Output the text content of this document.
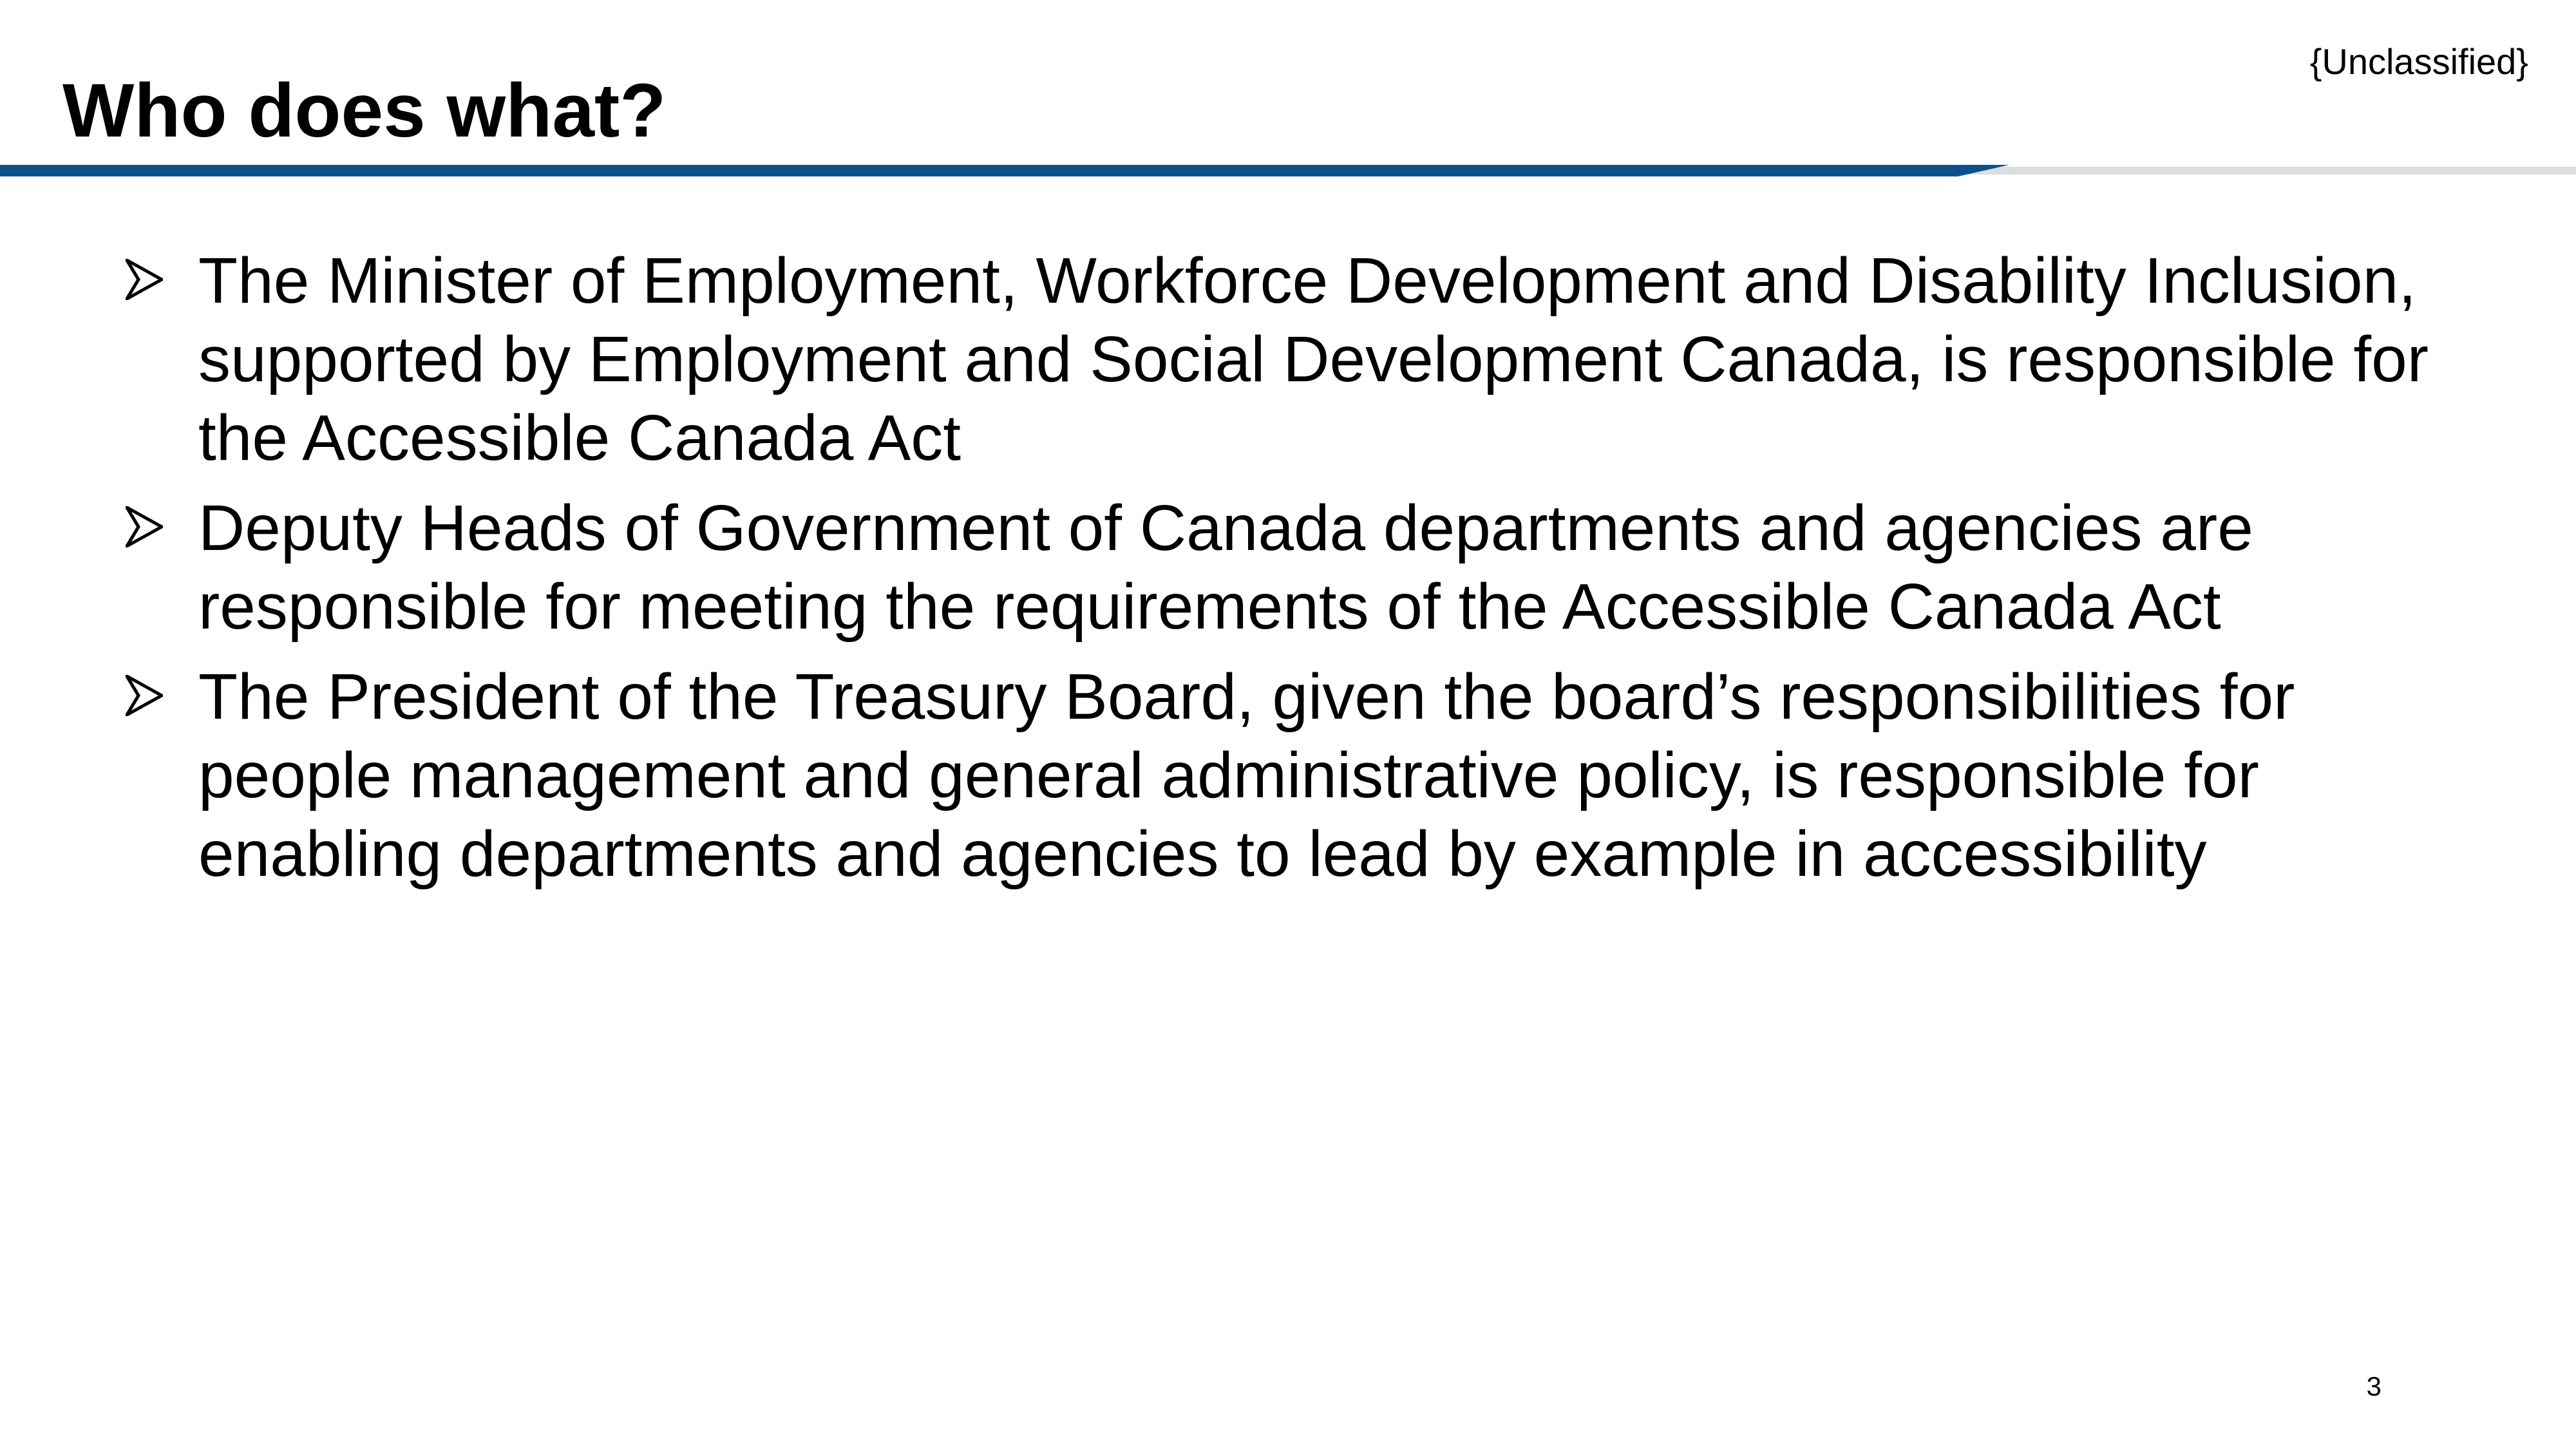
{Unclassified}
Who does what?
The Minister of Employment, Workforce Development and Disability Inclusion, supported by Employment and Social Development Canada, is responsible for the Accessible Canada Act
Deputy Heads of Government of Canada departments and agencies are responsible for meeting the requirements of the Accessible Canada Act
The President of the Treasury Board, given the board’s responsibilities for people management and general administrative policy, is responsible for enabling departments and agencies to lead by example in accessibility
3
